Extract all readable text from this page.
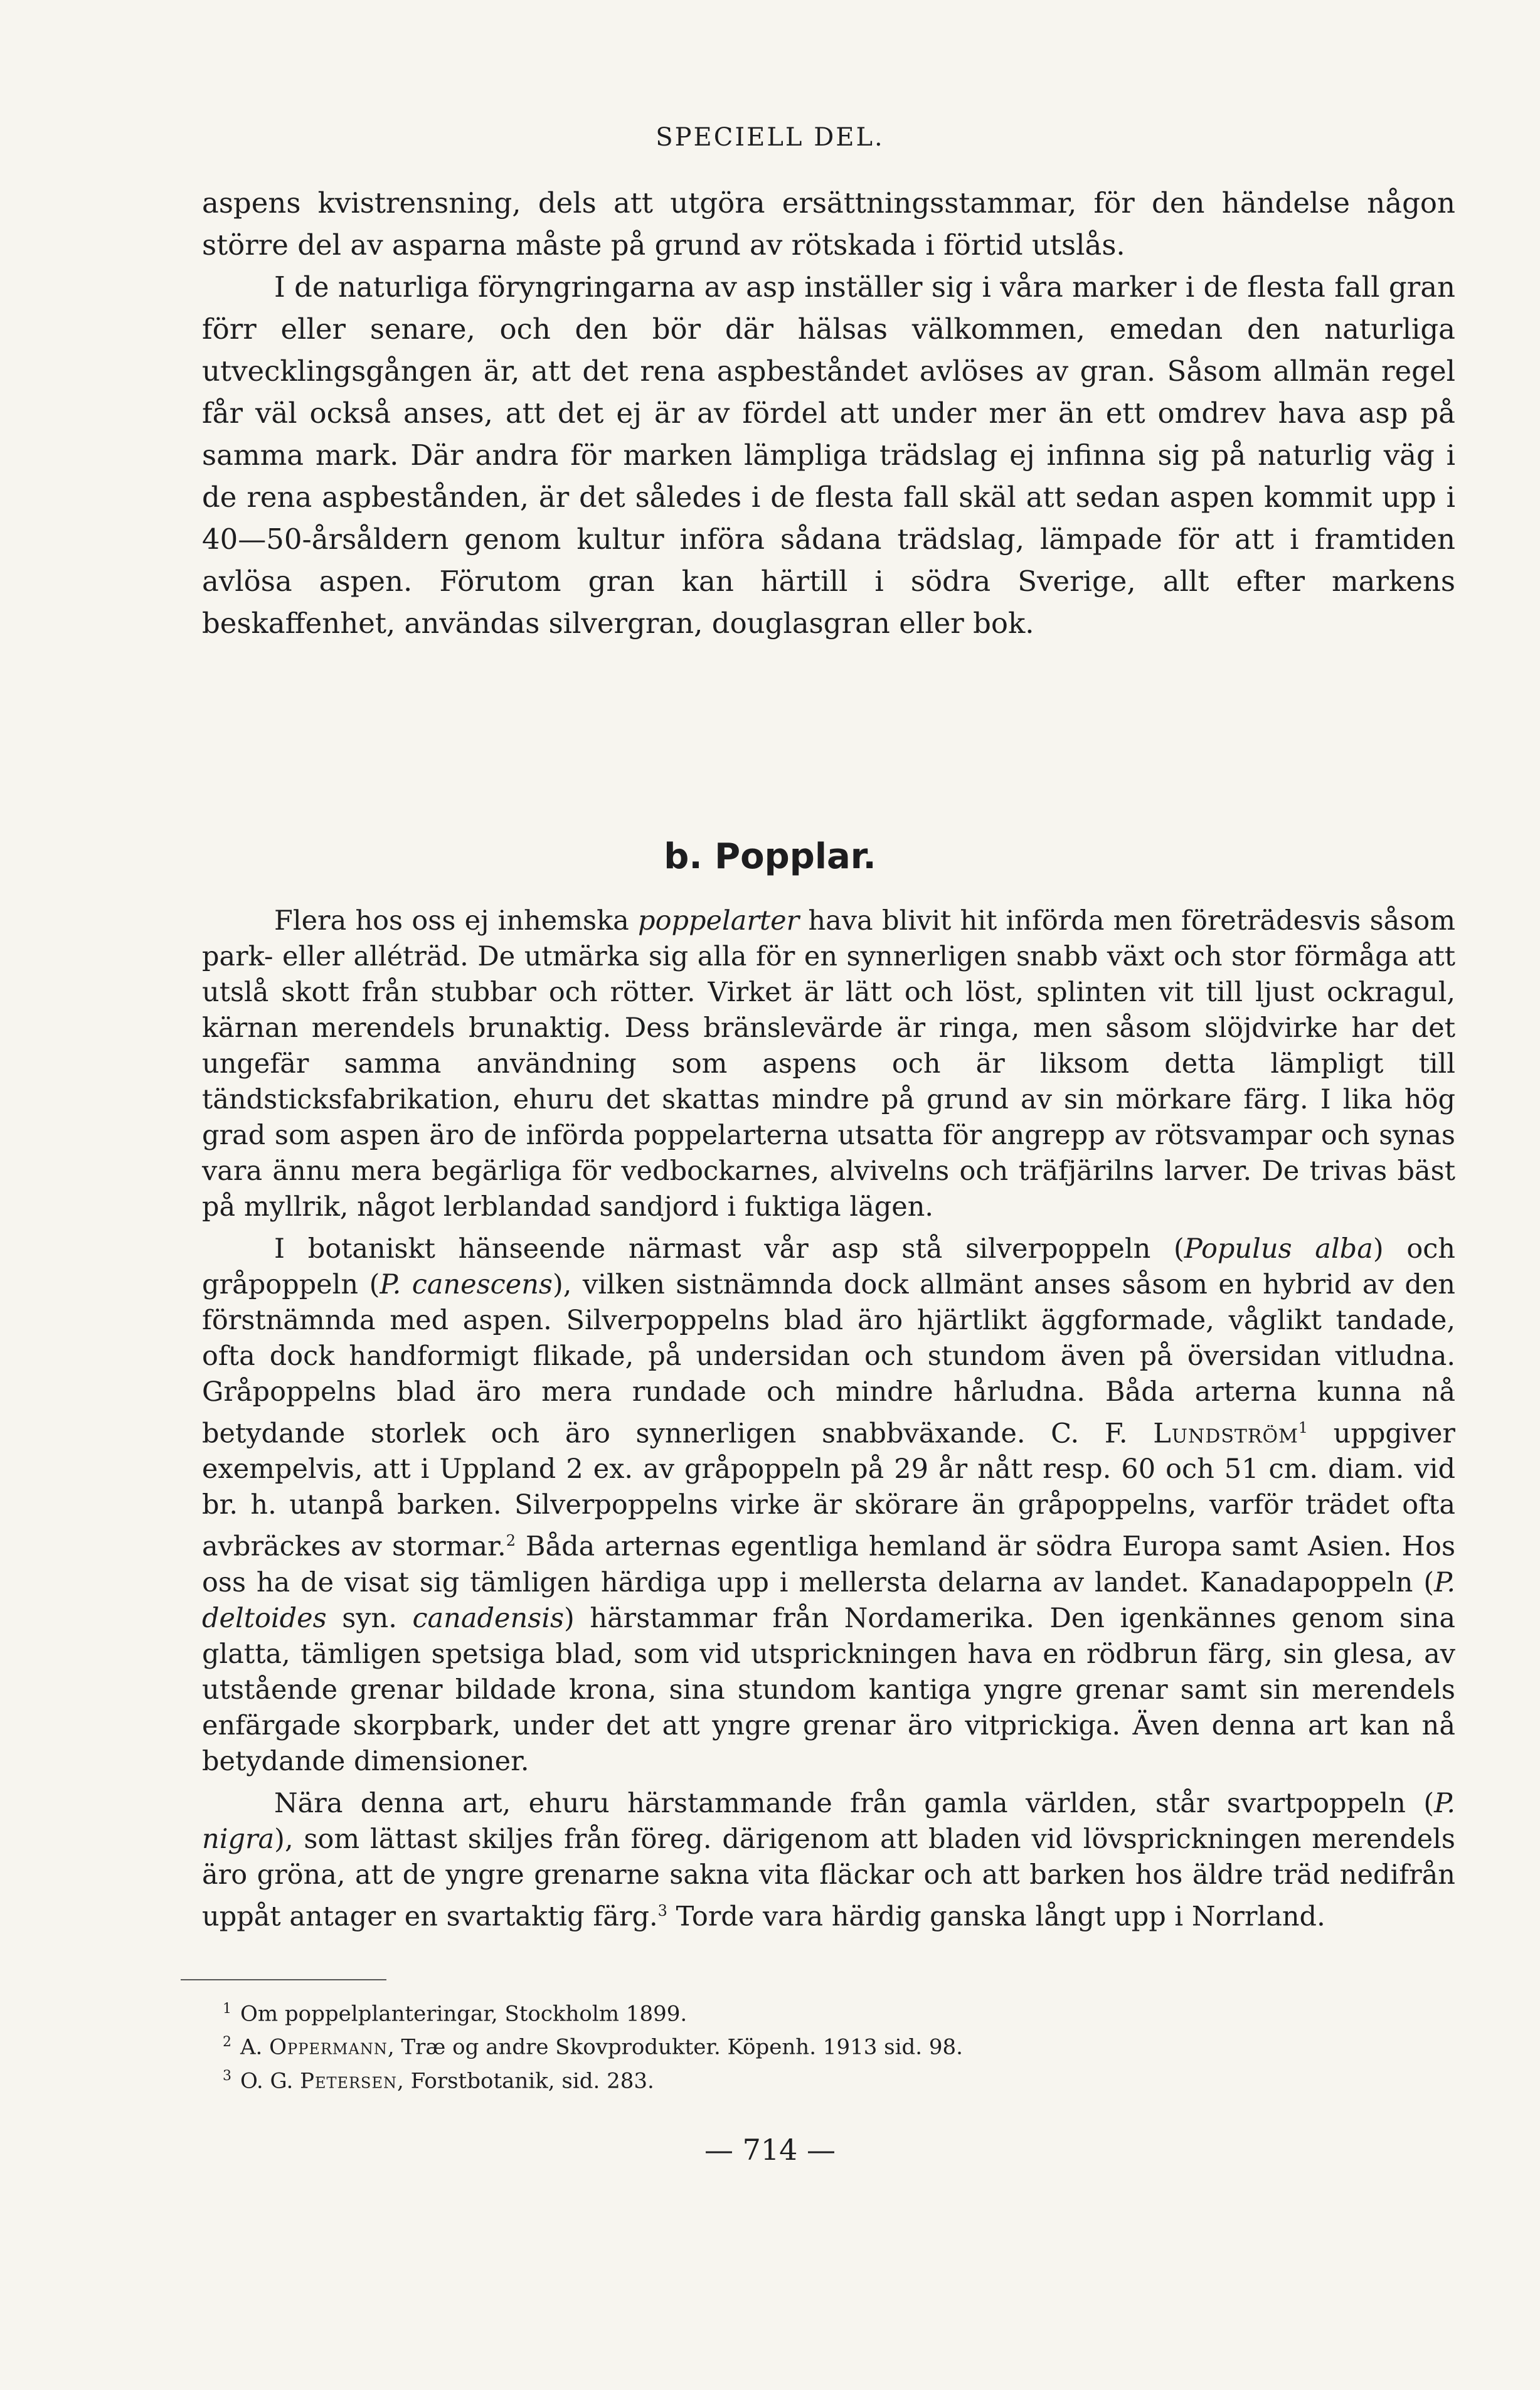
SPECIELL DEL.

aspens kvistrensning, dels att utgöra ersättningsstammar, för den händelse någon större del av asparna måste på grund av rötskada i förtid utslås.

I de naturliga föryngringarna av asp inställer sig i våra marker i de flesta fall gran förr eller senare, och den bör där hälsas välkommen, emedan den naturliga utvecklingsgången är, att det rena aspbeståndet avlöses av gran. Såsom allmän regel får väl också anses, att det ej är av fördel att under mer än ett omdrev hava asp på samma mark. Där andra för marken lämpliga trädslag ej infinna sig på naturlig väg i de rena aspbestånden, är det således i de flesta fall skäl att sedan aspen kommit upp i 40—50-årsåldern genom kultur införa sådana trädslag, lämpade för att i framtiden avlösa aspen. Förutom gran kan härtill i södra Sverige, allt efter markens beskaffenhet, användas silvergran, douglasgran eller bok.

b. Popplar.

Flera hos oss ej inhemska poppelarter hava blivit hit införda men företrädesvis såsom park- eller alléträd. De utmärka sig alla för en synnerligen snabb växt och stor förmåga att utslå skott från stubbar och rötter. Virket är lätt och löst, splinten vit till ljust ockragul, kärnan merendels brunaktig. Dess bränslevärde är ringa, men såsom slöjdvirke har det ungefär samma användning som aspens och är liksom detta lämpligt till tändsticksfabrikation, ehuru det skattas mindre på grund av sin mörkare färg. I lika hög grad som aspen äro de införda poppelarterna utsatta för angrepp av rötsvampar och synas vara ännu mera begärliga för vedbockarnes, alvivelns och träfjärilns larver. De trivas bäst på myllrik, något lerblandad sandjord i fuktiga lägen.

I botaniskt hänseende närmast vår asp stå silverpoppeln (Populus alba) och gråpoppeln (P. canescens), vilken sistnämnda dock allmänt anses såsom en hybrid av den förstnämnda med aspen. Silverpoppelns blad äro hjärtlikt äggformade, våglikt tandade, ofta dock handformigt flikade, på undersidan och stundom även på översidan vitludna. Gråpoppelns blad äro mera rundade och mindre hårludna. Båda arterna kunna nå betydande storlek och äro synnerligen snabbväxande. C. F. Lundström$^1$ uppgiver exempelvis, att i Uppland 2 ex. av gråpoppeln på 29 år nått resp. 60 och 51 cm. diam. vid br. h. utanpå barken. Silverpoppelns virke är skörare än gråpoppelns, varför trädet ofta avbräckes av stormar.$^2$ Båda arternas egentliga hemland är södra Europa samt Asien. Hos oss ha de visat sig tämligen härdiga upp i mellersta delarna av landet. Kanadapoppeln (P. deltoides syn. canadensis) härstammar från Nordamerika. Den igenkännes genom sina glatta, tämligen spetsiga blad, som vid utsprickningen hava en rödbrun färg, sin glesa, av utstående grenar bildade krona, sina stundom kantiga yngre grenar samt sin merendels enfärgade skorpbark, under det att yngre grenar äro vitprickiga. Även denna art kan nå betydande dimensioner.

Nära denna art, ehuru härstammande från gamla världen, står svartpoppeln (P. nigra), som lättast skiljes från föreg. därigenom att bladen vid lövsprickningen merendels äro gröna, att de yngre grenarne sakna vita fläckar och att barken hos äldre träd nedifrån uppåt antager en svartaktig färg.$^3$ Torde vara härdig ganska långt upp i Norrland.

$^1$ Om poppelplanteringar, Stockholm 1899.

$^2$ A. Oppermann, Træ og andre Skovprodukter. Köpenh. 1913 sid. 98.

$^3$ O. G. Petersen, Forstbotanik, sid. 283.

— 714 —
